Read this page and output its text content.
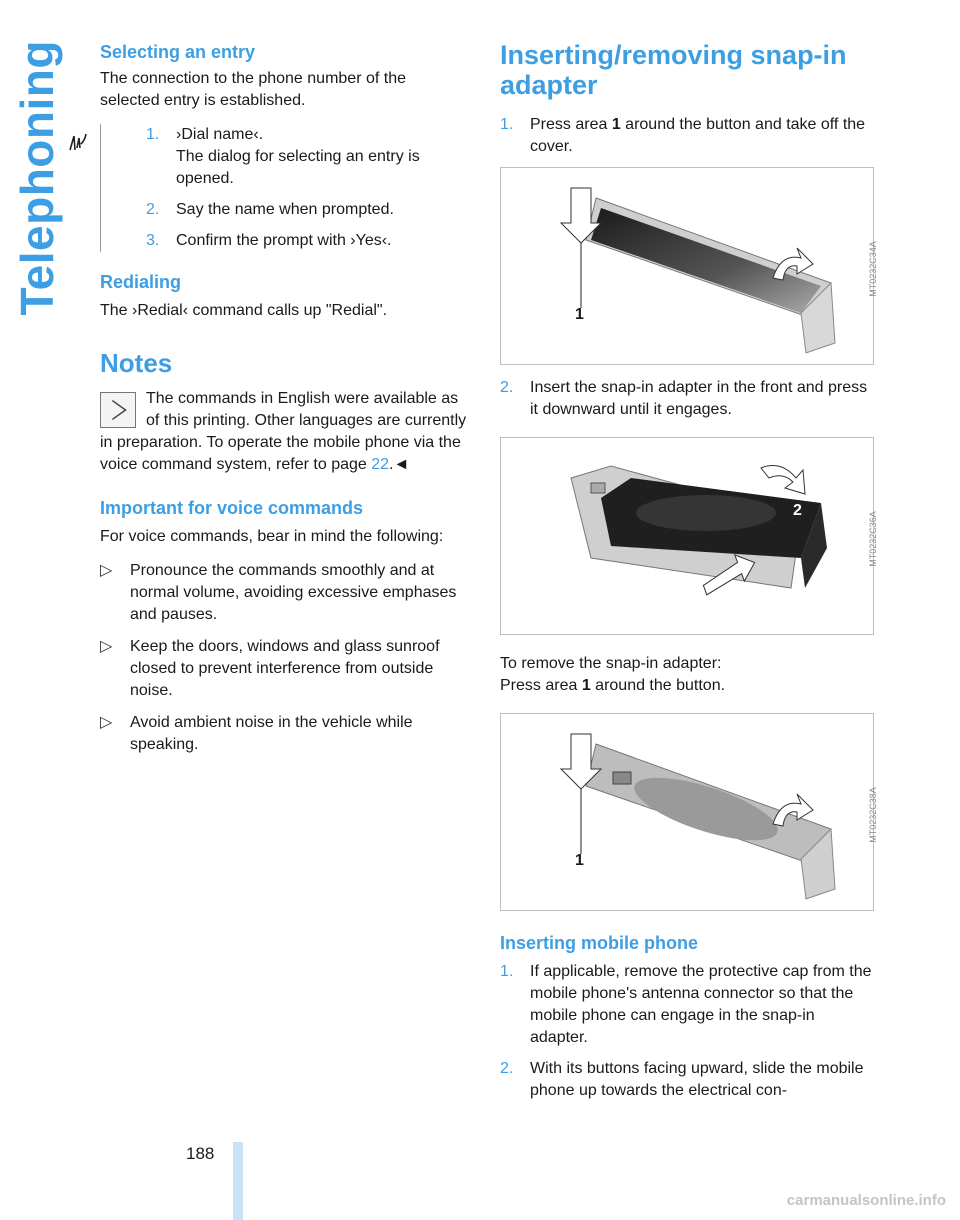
Telephoning Selecting an entry

The connection to the phone number of the selected entry is established.

1.	›Dial name‹.
The dialog for selecting an entry is opened.
2.	Say the name when prompted.
3.	Confirm the prompt with ›Yes‹.
Redialing

The ›Redial‹ command calls up "Redial".

Notes

The commands in English were available as of this printing. Other languages are currently in preparation. To operate the mobile phone via the voice command system, refer to page 22.◄

Important for voice commands

For voice commands, bear in mind the following:

▷	Pronounce the commands smoothly and at normal volume, avoiding excessive emphases and pauses.
▷	Keep the doors, windows and glass sunroof closed to prevent interference from outside noise.
▷	Avoid ambient noise in the vehicle while speaking.
Inserting/removing snap-in adapter
1.	Press area 1 around the button and take off the cover.
1
MT0232C34A
2.	Insert the snap-in adapter in the front and press it downward until it engages.
2
MT0232C36A

To remove the snap-in adapter:

Press area 1 around the button.

1
MT0232C38A
Inserting mobile phone
1.	If applicable, remove the protective cap from the mobile phone's antenna connector so that the mobile phone can engage in the snap-in adapter.
2.	With its buttons facing upward, slide the mobile phone up towards the electrical con-
188
carmanualsonline.info
